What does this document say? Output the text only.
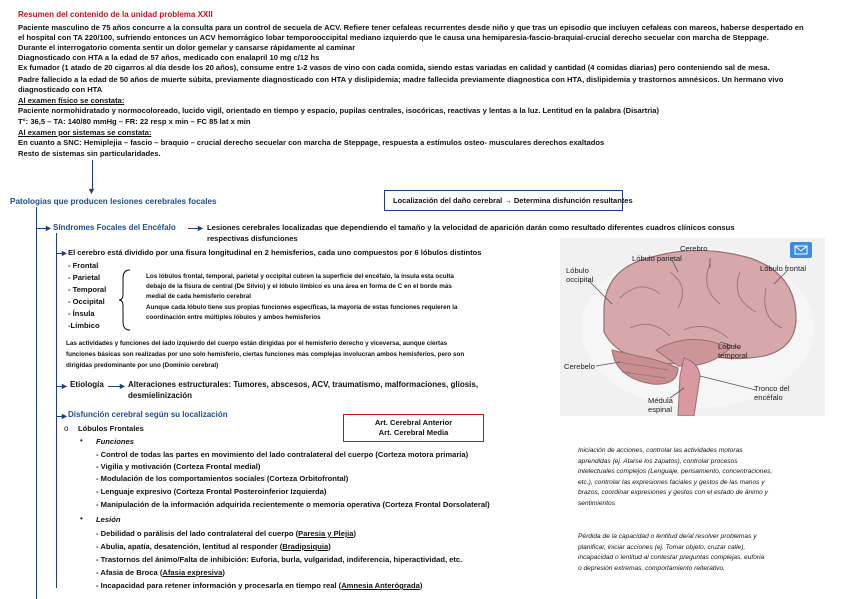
Resumen del contenido de la unidad problema XXII
Paciente masculino de 75 años concurre a la consulta para un control de secuela de ACV. Refiere tener cefaleas recurrentes desde niño y que tras un episodio que incluyen cefaleas con mareos, haberse despertado en
el hospital con TA 220/100, sufriendo entonces un ACV hemorrágico lobar temporooccipital mediano izquierdo que le causa una hemiparesia-fascio-braquial-crucial derecho secuelar con marcha de Steppage.
Durante el interrogatorio comenta sentir un dolor gemelar y cansarse rápidamente al caminar
Diagnosticado con HTA a la edad de 57 años, medicado con enalapril 10 mg c/12 hs
Ex fumador (1 atado de 20 cigarros al día desde los 20 años), consume entre 1-2 vasos de vino con cada comida, siendo estas variadas en calidad y cantidad (4 comidas diarias) pero conteniendo sal de mesa.
Padre fallecido a la edad de 50 años de muerte súbita, previamente diagnosticado con HTA y dislipidemia; madre fallecida previamente diagnostica con HTA, dislipidemia y trastornos amnésicos. Un hermano vivo
diagnosticado con HTA
Al examen físico se constata:
Paciente normohidratado y normocoloreado, lucido vigil, orientado en tiempo y espacio, pupilas centrales, isocóricas, reactivas y lentas a la luz. Lentitud en la palabra (Disartria)
T°: 36,5 – TA: 140/80 mmHg – FR: 22 resp x min – FC 85 lat x min
Al examen por sistemas se constata:
En cuanto a SNC: Hemiplejia – fascio – braquio – crucial derecho secuelar con marcha de Steppage, respuesta a estímulos osteo- musculares derechos exaltados
Resto de sistemas sin particularidades.
▼
Patologías que producen lesiones cerebrales focales	Localización del daño cerebral → Determina disfunción resultantes
► Síndromes Focales del Encéfalo ► Lesiones cerebrales localizadas que dependiendo el tamaño y la velocidad de aparición darán como resultado diferentes cuadros clínicos consus
respectivas disfunciones
► El cerebro está dividido por una fisura longitudinal en 2 hemisferios, cada uno compuestos por 6 lóbulos distintos
- Frontal
- Parietal
- Temporal
- Occipital
- Ínsula
-Límbico
Los lóbulos frontal, temporal, parietal y occipital cubren la superficie del encéfalo, la ínsula esta oculta
debajo de la fisura de central (De Silvio) y el lóbulo límbico es una área en forma de C en el borde más
medial de cada hemisferio cerebral
Aunque cada lóbulo tiene sus propias funciones específicas, la mayoría de estas funciones requieren la
coordinación entre múltiples lóbulos y ambos hemisferios
Las actividades y funciones del lado izquierdo del cuerpo están dirigidas por el hemisferio derecho y viceversa, aunque ciertas
funciones básicas son realizadas por uno solo hemisferio, ciertas funciones más complejas involucran ambos hemisferios, pero son
dirigidas predominante por uno (Dominio cerebral)
► Etiología ► Alteraciones estructurales: Tumores, abscesos, ACV, traumatismo, malformaciones, gliosis,
desmielinización
► Disfunción cerebral según su localización
o Lóbulos Frontales
Art. Cerebral Anterior
Art. Cerebral Media
• Funciones
- Control de todas las partes en movimiento del lado contralateral del cuerpo (Corteza motora primaria)
- Vigilia y motivación (Corteza Frontal medial)
- Modulación de los comportamientos sociales (Corteza Orbitofrontal)
- Lenguaje expresivo (Corteza Frontal Posteroinferior Izquierda)
- Manipulación de la información adquirida recientemente o memoria operativa (Corteza Frontal Dorsolateral)
• Lesión
- Debilidad o parálisis del lado contralateral del cuerpo (Paresia y Plejia)
- Abulia, apatía, desatención, lentitud al responder (Bradipsiquia)
- Trastornos del ánimo/Falta de inhibición: Euforia, burla, vulgaridad, indiferencia, hiperactividad, etc.
- Afasia de Broca (Afasia expresiva)
- Incapacidad para retener información y procesarla en tiempo real (Amnesia Anterógrada)
Iniciación de acciones, controlar las actividades motoras
aprendidas (ej. Atarse los zapatos), controlar procesos
intelectuales complejos (Lenguaje, pensamiento, concentraciones,
etc.), controlar las expresiones faciales y gestos de las manos y
brazos, coordinar expresiones y gestos con el estado de ánimo y
sentimientos
Pérdida de la capacidad o lentitud de/al resolver problemas y
planificar, iniciar acciones (ej. Tomar objeto, cruzar calle),
incapacidad o lentitud al contestar preguntas complejas, euforia
o depresión extremas, comportamiento reiterativo.
Cerebro
Lóbulo parietal
Lóbulo frontal
Lóbulo occipital
Lóbulo temporal
Cerebelo
Médula espinal
Tronco del encéfalo
